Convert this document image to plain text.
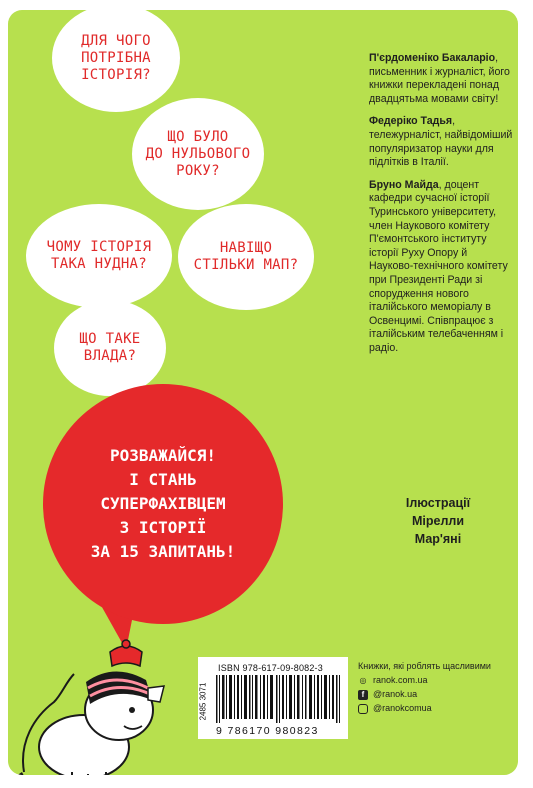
ДЛЯ ЧОГО
ПОТРІБНА
ІСТОРІЯ?
ЩО БУЛО
ДО НУЛЬОВОГО
РОКУ?
ЧОМУ ІСТОРІЯ
ТАКА НУДНА?
НАВІЩО
СТІЛЬКИ МАП?
ЩО ТАКЕ
ВЛАДА?
РОЗВАЖАЙСЯ!
І СТАНЬ
СУПЕРФАХІВЦЕМ
З ІСТОРІЇ
ЗА 15 ЗАПИТАНЬ!

П'єрдоменіко Бакаларіо, письменник і журналіст, його книжки перекладені понад двадцятьма мовами світу!

Федеріко Тадья, тележурналіст, найвідоміший популяризатор науки для підлітків в Італії.

Бруно Майда, доцент кафедри сучасної історії Туринського університету, член Наукового комітету П'ємонтського інституту історії Руху Опору й Науково-технічного комітету при Президенті Ради зі спорудження нового італійського меморіалу в Освенцимі. Співпрацює з італійським телебаченням і радіо.

Ілюстрації
Мірелли
Мар'яні
ISBN 978-617-09-8082-3
2485 3071
9 786170 980823
Книжки, які роблять щасливими
◎ ranok.com.ua
f @ranok.ua
@ranokcomua
